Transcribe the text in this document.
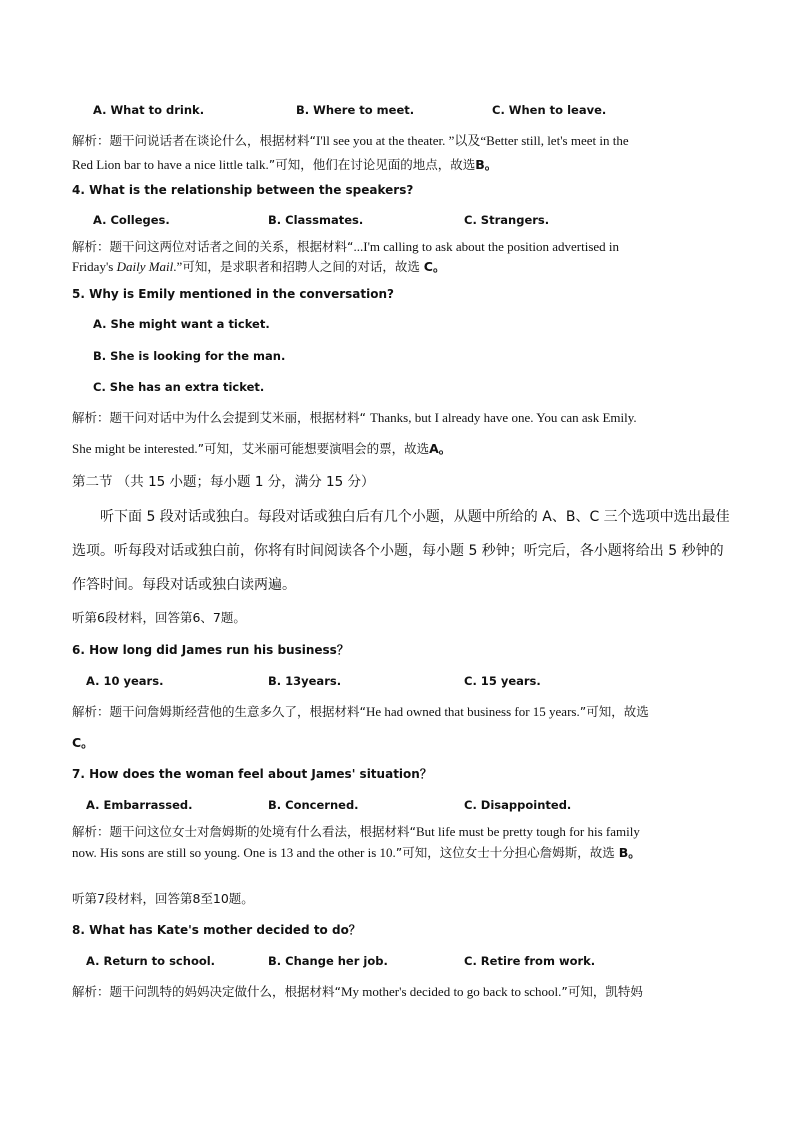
A. What to drink.	B. Where to meet.	C. When to leave.
解析：题干问说话者在谈论什么，根据材料“I'll see you at the theater. ”以及“Better still, let's meet in the
Red Lion bar to have a nice little talk.”可知，他们在讨论见面的地点，故选B。
4. What is the relationship between the speakers?
A. Colleges.	B. Classmates.	C. Strangers.
解析：题干问这两位对话者之间的关系，根据材料“...I'm calling to ask about the position advertised in
Friday's Daily Mail.”可知，是求职者和招聘人之间的对话，故选 C。
5. Why is Emily mentioned in the conversation?
A. She might want a ticket.
B. She is looking for the man.
C. She has an extra ticket.
解析：题干问对话中为什么会提到艾米丽，根据材料“ Thanks, but I already have one. You can ask Emily.
She might be interested.”可知，艾米丽可能想要演唱会的票，故选A。
第二节 （共 15 小题；每小题 1 分，满分 15 分）
听下面 5 段对话或独白。每段对话或独白后有几个小题，从题中所给的 A、B、C 三个选项中选出最佳
选项。听每段对话或独白前，你将有时间阅读各个小题，每小题 5 秒钟；听完后，各小题将给出 5 秒钟的
作答时间。每段对话或独白读两遍。
听第6段材料，回答第6、7题。
6. How long did James run his business？
A. 10 years.	B. 13years.	C. 15 years.
解析：题干问詹姆斯经营他的生意多久了，根据材料“He had owned that business for 15 years.”可知，故选
C。
7. How does the woman feel about James' situation？
A. Embarrassed.	B. Concerned.	C. Disappointed.
解析：题干问这位女士对詹姆斯的处境有什么看法，根据材料“But life must be pretty tough for his family
now. His sons are still so young. One is 13 and the other is 10.”可知，这位女士十分担心詹姆斯，故选 B。
听第7段材料，回答第8至10题。
8. What has Kate's mother decided to do？
A. Return to school.	B. Change her job.	C. Retire from work.
解析：题干问凯特的妈妈决定做什么，根据材料“My mother's decided to go back to school.”可知，凯特妈
